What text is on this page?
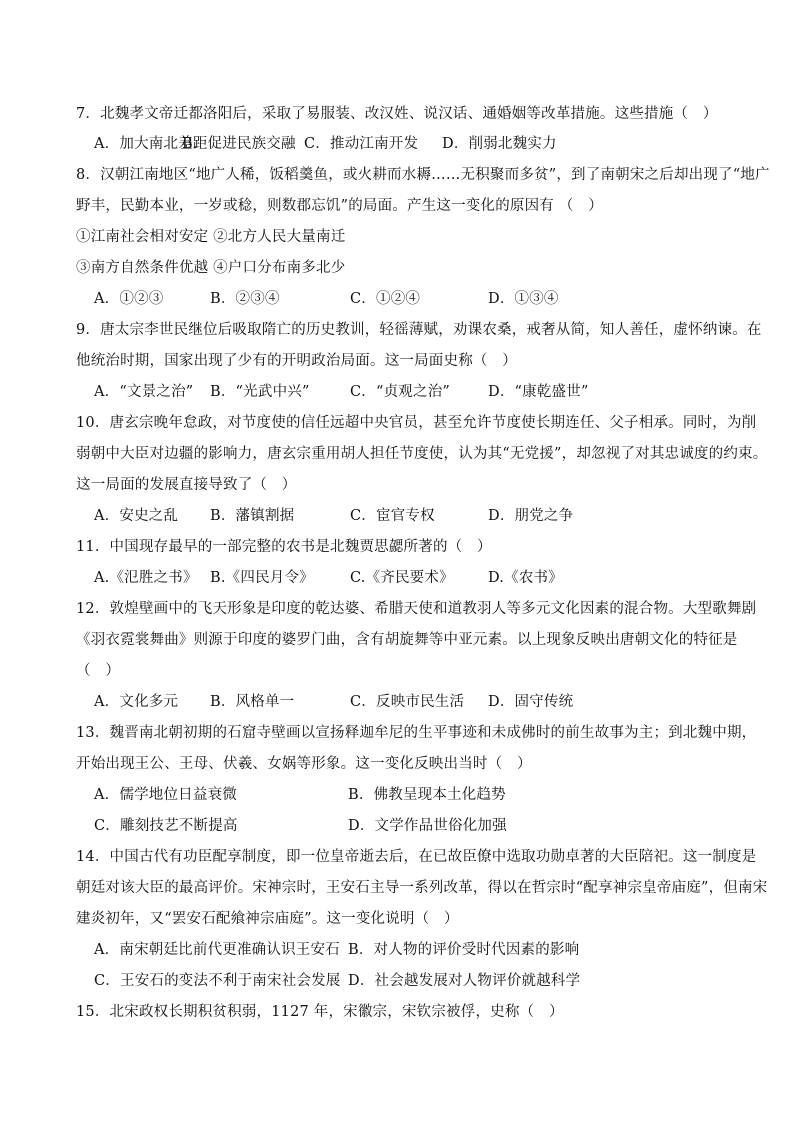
7．北魏孝文帝迁都洛阳后，采取了易服装、改汉姓、说汉话、通婚姻等改革措施。这些措施（　）
A．加大南北差距
B．促进民族交融 C．推动江南开发	D．削弱北魏实力
8．汉朝江南地区“地广人稀，饭稻羹鱼，或火耕而水耨……无积聚而多贫”，到了南朝宋之后却出现了“地广
野丰，民勤本业，一岁或稔，则数郡忘饥”的局面。产生这一变化的原因有 （　）
①江南社会相对安定 ②北方人民大量南迁
③南方自然条件优越 ④户口分布南多北少
A．①②③	B．②③④	C．①②④	D．①③④
9．唐太宗李世民继位后吸取隋亡的历史教训，轻徭薄赋，劝课农桑，戒奢从简，知人善任，虚怀纳谏。在
他统治时期，国家出现了少有的开明政治局面。这一局面史称（　）
A．“文景之治”	B．“光武中兴”	C．“贞观之治”	D．“康乾盛世”
10．唐玄宗晚年怠政，对节度使的信任远超中央官员，甚至允许节度使长期连任、父子相承。同时，为削
弱朝中大臣对边疆的影响力，唐玄宗重用胡人担任节度使，认为其“无党援”，却忽视了对其忠诚度的约束。
这一局面的发展直接导致了（　）
A．安史之乱	B．藩镇割据	C．宦官专权	D．朋党之争
11．中国现存最早的一部完整的农书是北魏贾思勰所著的（　）
A.《氾胜之书》 B.《四民月令》	C.《齐民要术》	D.《农书》
12．敦煌壁画中的飞天形象是印度的乾达婆、希腊天使和道教羽人等多元文化因素的混合物。大型歌舞剧
《羽衣霓裳舞曲》则源于印度的婆罗门曲，含有胡旋舞等中亚元素。以上现象反映出唐朝文化的特征是
（　）
A．文化多元	B．风格单一	C．反映市民生活	D．固守传统
13．魏晋南北朝初期的石窟寺壁画以宣扬释迦牟尼的生平事迹和未成佛时的前生故事为主；到北魏中期，
开始出现王公、王母、伏羲、女娲等形象。这一变化反映出当时（　）
A．儒学地位日益衰微	B．佛教呈现本土化趋势
C．雕刻技艺不断提高	D．文学作品世俗化加强
14．中国古代有功臣配享制度，即一位皇帝逝去后，在已故臣僚中选取功勋卓著的大臣陪祀。这一制度是
朝廷对该大臣的最高评价。宋神宗时，王安石主导一系列改革，得以在哲宗时“配享神宗皇帝庙庭”，但南宋
建炎初年，又“罢安石配飨神宗庙庭”。这一变化说明（　）
A．南宋朝廷比前代更准确认识王安石 B．对人物的评价受时代因素的影响
C．王安石的变法不利于南宋社会发展 D．社会越发展对人物评价就越科学
15．北宋政权长期积贫积弱，1127 年，宋徽宗，宋钦宗被俘，史称（　）
